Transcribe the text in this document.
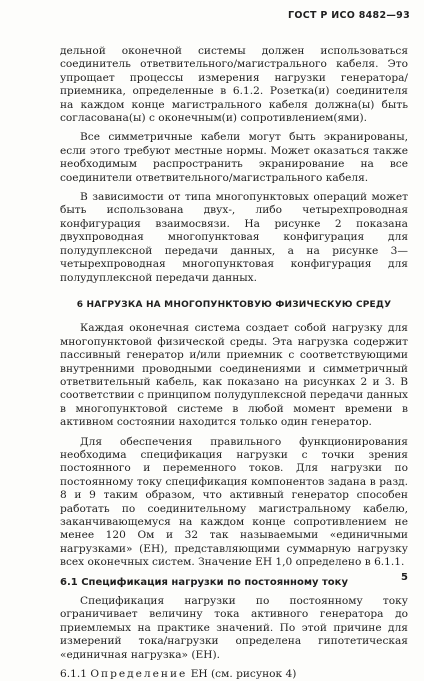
ГОСТ Р ИСО 8482—93

дельной оконечной системы должен использоваться соединитель ответвительного/магистрального кабеля. Это упрощает процессы измерения нагрузки генератора/приемника, определенные в 6.1.2. Розетка(и) соединителя на каждом конце магистрального кабеля должна(ы) быть согласована(ы) с оконечным(и) сопротивлением(ями).

Все симметричные кабели могут быть экранированы, если этого требуют местные нормы. Может оказаться также необходимым распространить экранирование на все соединители ответвительного/магистрального кабеля.

В зависимости от типа многопунктовых операций может быть использована двух-, либо четырехпроводная конфигурация взаимосвязи. На рисунке 2 показана двухпроводная многопунктовая конфигурация для полудуплексной передачи данных, а на рисунке 3—четырехпроводная многопунктовая конфигурация для полудуплексной передачи данных.

6 НАГРУЗКА НА МНОГОПУНКТОВУЮ ФИЗИЧЕСКУЮ СРЕДУ

Каждая оконечная система создает собой нагрузку для многопунктовой физической среды. Эта нагрузка содержит пассивный генератор и/или приемник с соответствующими внутренними проводными соединениями и симметричный ответвительный кабель, как показано на рисунках 2 и 3. В соответствии с принципом полудуплексной передачи данных в многопунктовой системе в любой момент времени в активном состоянии находится только один генератор.

Для обеспечения правильного функционирования необходима спецификация нагрузки с точки зрения постоянного и переменного токов. Для нагрузки по постоянному току спецификация компонентов задана в разд. 8 и 9 таким образом, что активный генератор способен работать по соединительному магистральному кабелю, заканчивающемуся на каждом конце сопротивлением не менее 120 Ом и 32 так называемыми «единичными нагрузками» (ЕН), представляющими суммарную нагрузку всех оконечных систем. Значение ЕН 1,0 определено в 6.1.1.

6.1 Спецификация нагрузки по постоянному току

Спецификация нагрузки по постоянному току ограничивает величину тока активного генератора до приемлемых на практике значений. По этой причине для измерений тока/нагрузки определена гипотетическая «единичная нагрузка» (ЕН).

6.1.1 Определение ЕН (см. рисунок 4)
5
